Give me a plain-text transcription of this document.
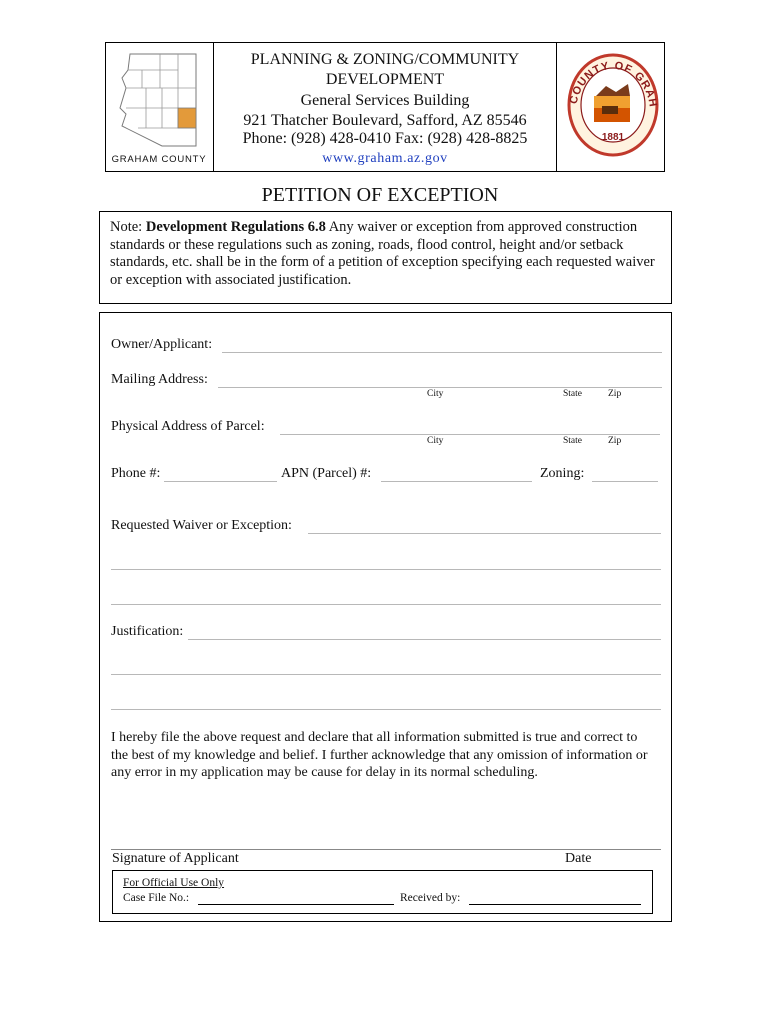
GRAHAM COUNTY
PLANNING & ZONING/COMMUNITY
DEVELOPMENT
General Services Building
921 Thatcher Boulevard, Safford, AZ 85546
Phone: (928) 428-0410 Fax: (928) 428-8825
www.graham.az.gov
COUNTY OF GRAH
1881
PETITION OF EXCEPTION
Note: Development Regulations 6.8 Any waiver or exception from approved construction standards or these regulations such as zoning, roads, flood control, height and/or setback standards, etc. shall be in the form of a petition of exception specifying each requested waiver or exception with associated justification.
Owner/Applicant:
Mailing Address:
City	State	Zip
Physical Address of Parcel:
City	State	Zip
Phone #:	APN (Parcel) #:	Zoning:
Requested Waiver or Exception:
Justification:
I hereby file the above request and declare that all information submitted is true and correct to the best of my knowledge and belief. I further acknowledge that any omission of information or any error in my application may be cause for delay in its normal scheduling.
Signature of Applicant	Date
For Official Use Only
Case File No.:	Received by:
